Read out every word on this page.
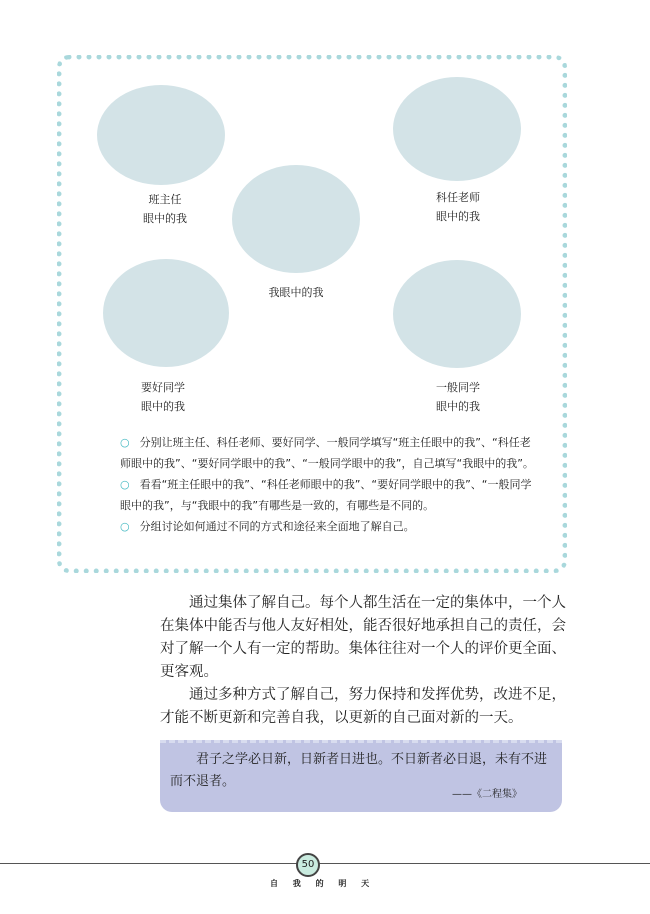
班主任
眼中的我
科任老师
眼中的我
我眼中的我
要好同学
眼中的我
一般同学
眼中的我

○ 分别让班主任、科任老师、要好同学、一般同学填写“班主任眼中的我”、“科任老师眼中的我”、“要好同学眼中的我”、“一般同学眼中的我”，自己填写“我眼中的我”。

○ 看看“班主任眼中的我”、“科任老师眼中的我”、“要好同学眼中的我”、“一般同学眼中的我”，与“我眼中的我”有哪些是一致的，有哪些是不同的。

○ 分组讨论如何通过不同的方式和途径来全面地了解自己。

通过集体了解自己。每个人都生活在一定的集体中，一个人在集体中能否与他人友好相处，能否很好地承担自己的责任，会对了解一个人有一定的帮助。集体往往对一个人的评价更全面、更客观。

通过多种方式了解自己，努力保持和发挥优势，改进不足，才能不断更新和完善自我，以更新的自己面对新的一天。

君子之学必日新，日新者日进也。不日新者必日退，未有不进而不退者。
——《二程集》
50
自 我 的 明 天
